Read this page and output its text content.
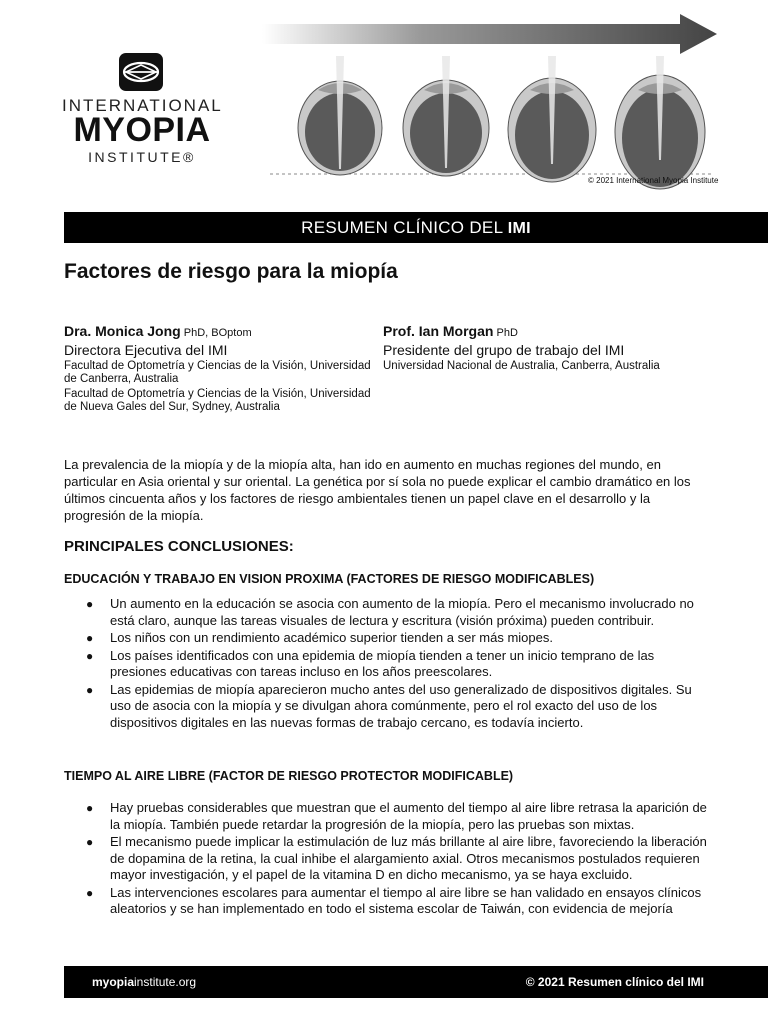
INTERNATIONAL
MYOPIA
INSTITUTE®
© 2021 International Myopia Institute
RESUMEN CLÍNICO DEL IMI
Factores de riesgo para la miopía
Dra. Monica Jong PhD, BOptom
Directora Ejecutiva del IMI
Facultad de Optometría y Ciencias de la Visión, Universidad de Canberra, Australia
Facultad de Optometría y Ciencias de la Visión, Universidad de Nueva Gales del Sur, Sydney, Australia
Prof. Ian Morgan PhD
Presidente del grupo de trabajo del IMI
Universidad Nacional de Australia, Canberra, Australia
La prevalencia de la miopía y de la miopía alta, han ido en aumento en muchas regiones del mundo, en particular en Asia oriental y sur oriental. La genética por sí sola no puede explicar el cambio dramático en los últimos cincuenta años y los factores de riesgo ambientales tienen un papel clave en el desarrollo y la progresión de la miopía.
PRINCIPALES CONCLUSIONES:
EDUCACIÓN Y TRABAJO EN VISION PROXIMA (FACTORES DE RIESGO MODIFICABLES)
● Un aumento en la educación se asocia con aumento de la miopía. Pero el mecanismo involucrado no está claro, aunque las tareas visuales de lectura y escritura (visión próxima) pueden contribuir.
● Los niños con un rendimiento académico superior tienden a ser más miopes.
● Los países identificados con una epidemia de miopía tienden a tener un inicio temprano de las presiones educativas con tareas incluso en los años preescolares.
● Las epidemias de miopía aparecieron mucho antes del uso generalizado de dispositivos digitales. Su uso de asocia con la miopía y se divulgan ahora comúnmente, pero el rol exacto del uso de los dispositivos digitales en las nuevas formas de trabajo cercano, es todavía incierto.
TIEMPO AL AIRE LIBRE (FACTOR DE RIESGO PROTECTOR MODIFICABLE)
● Hay pruebas considerables que muestran que el aumento del tiempo al aire libre retrasa la aparición de la miopía. También puede retardar la progresión de la miopía, pero las pruebas son mixtas.
● El mecanismo puede implicar la estimulación de luz más brillante al aire libre, favoreciendo la liberación de dopamina de la retina, la cual inhibe el alargamiento axial. Otros mecanismos postulados requieren mayor investigación, y el papel de la vitamina D en dicho mecanismo, ya se haya excluido.
● Las intervenciones escolares para aumentar el tiempo al aire libre se han validado en ensayos clínicos aleatorios y se han implementado en todo el sistema escolar de Taiwán, con evidencia de mejoría
myopiainstitute.org	© 2021 Resumen clínico del IMI
